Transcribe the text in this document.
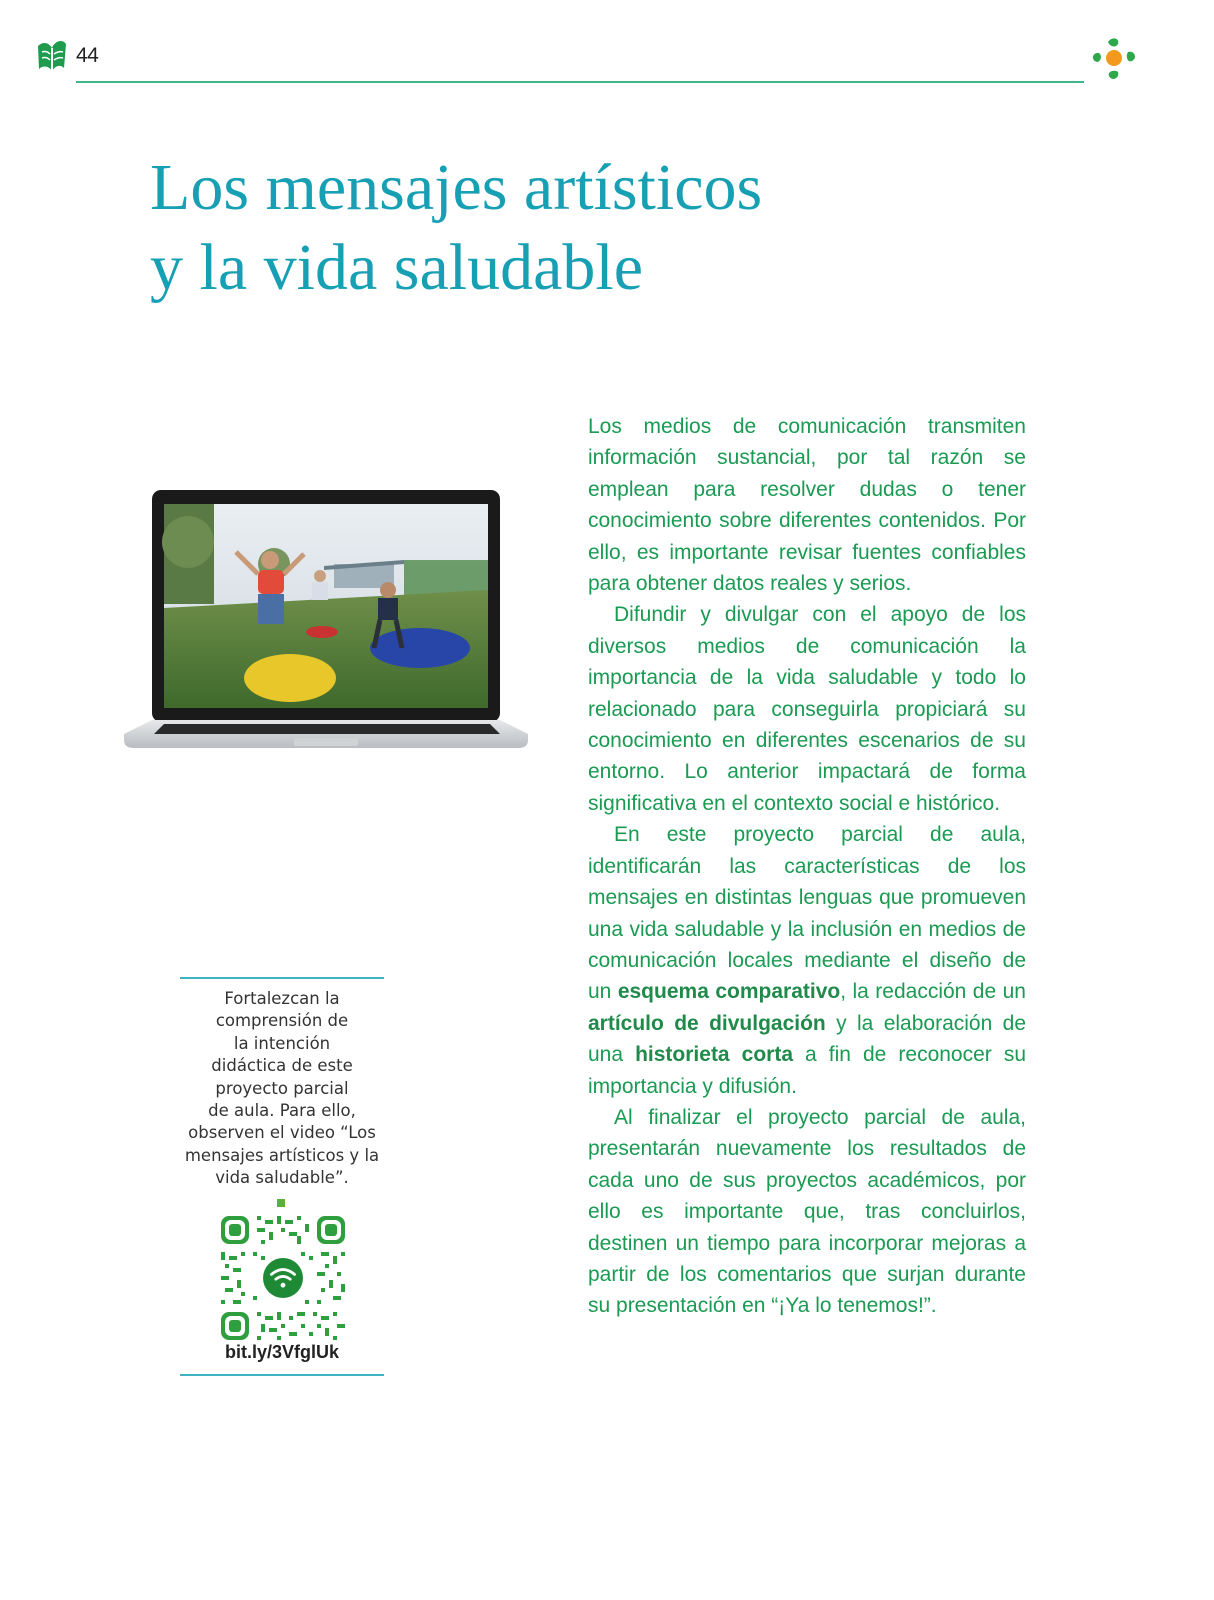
44
Los mensajes artísticos
y la vida saludable

Los medios de comunicación transmiten información sustancial, por tal razón se emplean para resolver dudas o tener conocimiento sobre diferentes contenidos. Por ello, es importante revisar fuentes confiables para obtener datos reales y serios.

Difundir y divulgar con el apoyo de los diversos medios de comunicación la importancia de la vida saludable y todo lo relacionado para conseguirla propiciará su conocimiento en diferentes escenarios de su entorno. Lo anterior impactará de forma significativa en el contexto social e histórico.

En este proyecto parcial de aula, identificarán las características de los mensajes en distintas lenguas que promueven una vida saludable y la inclusión en medios de comunicación locales mediante el diseño de un esquema comparativo, la redacción de un artículo de divulgación y la elaboración de una historieta corta a fin de reconocer su importancia y difusión.

Al finalizar el proyecto parcial de aula, presentarán nuevamente los resultados de cada uno de sus proyectos académicos, por ello es importante que, tras concluirlos, destinen un tiempo para incorporar mejoras a partir de los comentarios que surjan durante su presentación en “¡Ya lo tenemos!”.

Fortalezcan la
comprensión de
la intención
didáctica de este
proyecto parcial
de aula. Para ello,
observen el video “Los
mensajes artísticos y la
vida saludable”.

bit.ly/3VfglUk
